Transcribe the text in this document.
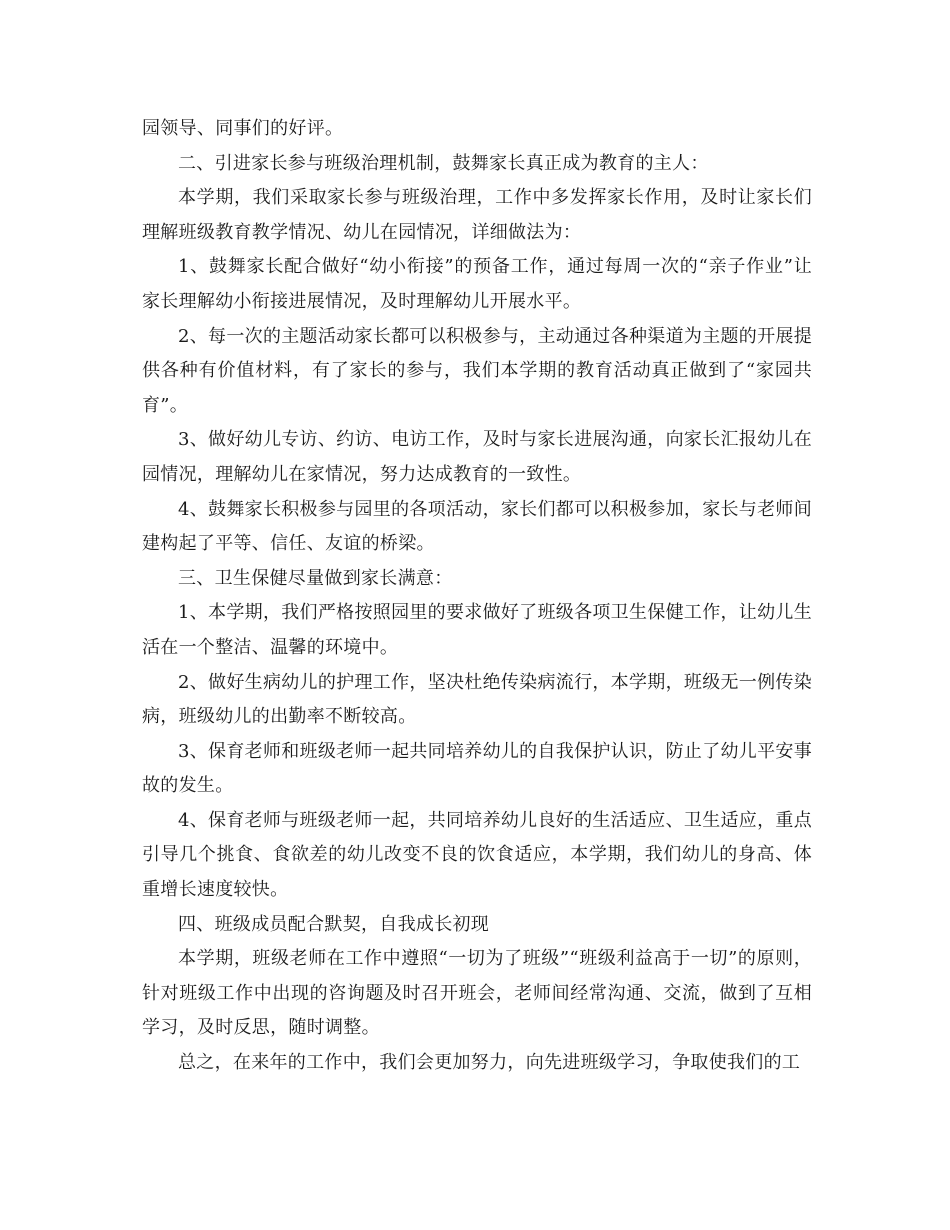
园领导、同事们的好评。

二、引进家长参与班级治理机制，鼓舞家长真正成为教育的主人：

本学期，我们采取家长参与班级治理，工作中多发挥家长作用，及时让家长们理解班级教育教学情况、幼儿在园情况，详细做法为：

1、鼓舞家长配合做好“幼小衔接”的预备工作，通过每周一次的“亲子作业”让家长理解幼小衔接进展情况，及时理解幼儿开展水平。

2、每一次的主题活动家长都可以积极参与，主动通过各种渠道为主题的开展提供各种有价值材料，有了家长的参与，我们本学期的教育活动真正做到了“家园共育”。

3、做好幼儿专访、约访、电访工作，及时与家长进展沟通，向家长汇报幼儿在园情况，理解幼儿在家情况，努力达成教育的一致性。

4、鼓舞家长积极参与园里的各项活动，家长们都可以积极参加，家长与老师间建构起了平等、信任、友谊的桥梁。

三、卫生保健尽量做到家长满意：

1、本学期，我们严格按照园里的要求做好了班级各项卫生保健工作，让幼儿生活在一个整洁、温馨的环境中。

2、做好生病幼儿的护理工作，坚决杜绝传染病流行，本学期，班级无一例传染病，班级幼儿的出勤率不断较高。

3、保育老师和班级老师一起共同培养幼儿的自我保护认识，防止了幼儿平安事故的发生。

4、保育老师与班级老师一起，共同培养幼儿良好的生活适应、卫生适应，重点引导几个挑食、食欲差的幼儿改变不良的饮食适应，本学期，我们幼儿的身高、体重增长速度较快。

四、班级成员配合默契，自我成长初现

本学期，班级老师在工作中遵照“一切为了班级”“班级利益高于一切”的原则，针对班级工作中出现的咨询题及时召开班会，老师间经常沟通、交流，做到了互相学习，及时反思，随时调整。

总之，在来年的工作中，我们会更加努力，向先进班级学习，争取使我们的工
